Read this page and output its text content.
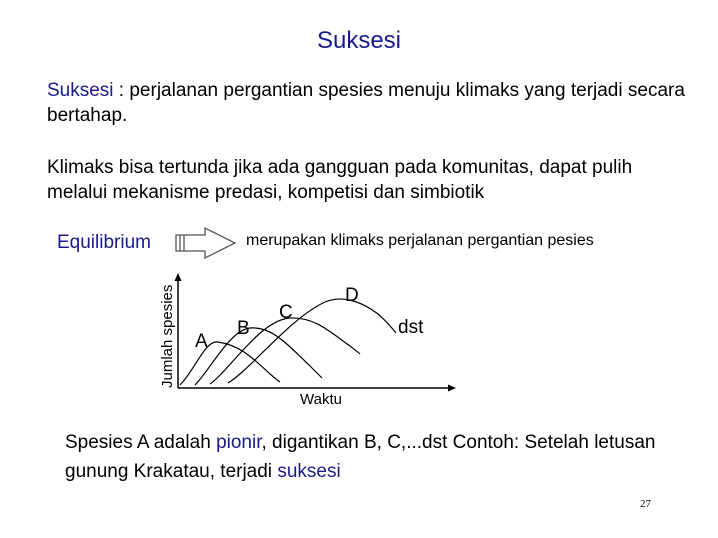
Suksesi
Suksesi : perjalanan pergantian spesies menuju klimaks yang terjadi secara bertahap.
Klimaks bisa tertunda jika ada gangguan pada komunitas, dapat pulih melalui mekanisme predasi, kompetisi dan simbiotik
Equilibrium	merupakan klimaks perjalanan pergantian pesies
A
B
C
D
dst
Waktu
Jumlah spesies
Spesies A adalah pionir, digantikan B, C,...dst Contoh: Setelah letusan gunung Krakatau, terjadi suksesi
27
